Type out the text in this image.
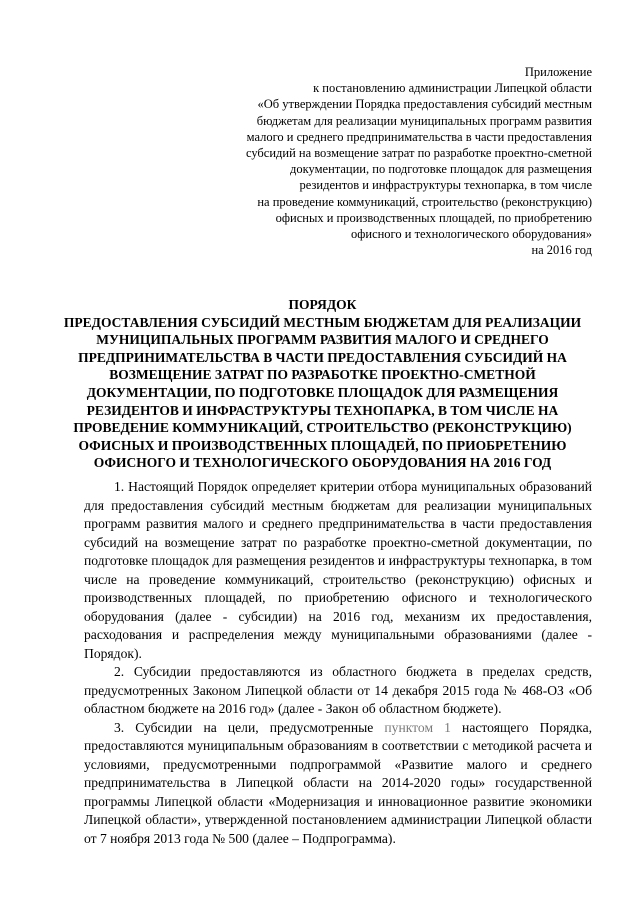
Приложение
к постановлению администрации Липецкой области
«Об утверждении Порядка предоставления субсидий местным
бюджетам для реализации муниципальных программ развития
малого и среднего предпринимательства в части предоставления
субсидий на возмещение затрат по разработке проектно-сметной
документации, по подготовке площадок для размещения
резидентов и инфраструктуры технопарка, в том числе
на проведение коммуникаций, строительство (реконструкцию)
офисных и производственных площадей, по приобретению
офисного и технологического оборудования»
на 2016 год
ПОРЯДОК
ПРЕДОСТАВЛЕНИЯ СУБСИДИЙ МЕСТНЫМ БЮДЖЕТАМ ДЛЯ РЕАЛИЗАЦИИ
МУНИЦИПАЛЬНЫХ ПРОГРАММ РАЗВИТИЯ МАЛОГО И СРЕДНЕГО
ПРЕДПРИНИМАТЕЛЬСТВА В ЧАСТИ ПРЕДОСТАВЛЕНИЯ СУБСИДИЙ НА
ВОЗМЕЩЕНИЕ ЗАТРАТ ПО РАЗРАБОТКЕ ПРОЕКТНО-СМЕТНОЙ
ДОКУМЕНТАЦИИ, ПО ПОДГОТОВКЕ ПЛОЩАДОК ДЛЯ РАЗМЕЩЕНИЯ
РЕЗИДЕНТОВ И ИНФРАСТРУКТУРЫ ТЕХНОПАРКА, В ТОМ ЧИСЛЕ НА
ПРОВЕДЕНИЕ КОММУНИКАЦИЙ, СТРОИТЕЛЬСТВО (РЕКОНСТРУКЦИЮ)
ОФИСНЫХ И ПРОИЗВОДСТВЕННЫХ ПЛОЩАДЕЙ, ПО ПРИОБРЕТЕНИЮ
ОФИСНОГО И ТЕХНОЛОГИЧЕСКОГО ОБОРУДОВАНИЯ НА 2016 ГОД

1. Настоящий Порядок определяет критерии отбора муниципальных образований для предоставления субсидий местным бюджетам для реализации муниципальных программ развития малого и среднего предпринимательства в части предоставления субсидий на возмещение затрат по разработке проектно-сметной документации, по подготовке площадок для размещения резидентов и инфраструктуры технопарка, в том числе на проведение коммуникаций, строительство (реконструкцию) офисных и производственных площадей, по приобретению офисного и технологического оборудования (далее - субсидии) на 2016 год, механизм их предоставления, расходования и распределения между муниципальными образованиями (далее - Порядок).

2. Субсидии предоставляются из областного бюджета в пределах средств, предусмотренных Законом Липецкой области от 14 декабря 2015 года № 468-ОЗ «Об областном бюджете на 2016 год» (далее - Закон об областном бюджете).

3. Субсидии на цели, предусмотренные пунктом 1 настоящего Порядка, предоставляются муниципальным образованиям в соответствии с методикой расчета и условиями, предусмотренными подпрограммой «Развитие малого и среднего предпринимательства в Липецкой области на 2014-2020 годы» государственной программы Липецкой области «Модернизация и инновационное развитие экономики Липецкой области», утвержденной постановлением администрации Липецкой области от 7 ноября 2013 года № 500 (далее – Подпрограмма).
